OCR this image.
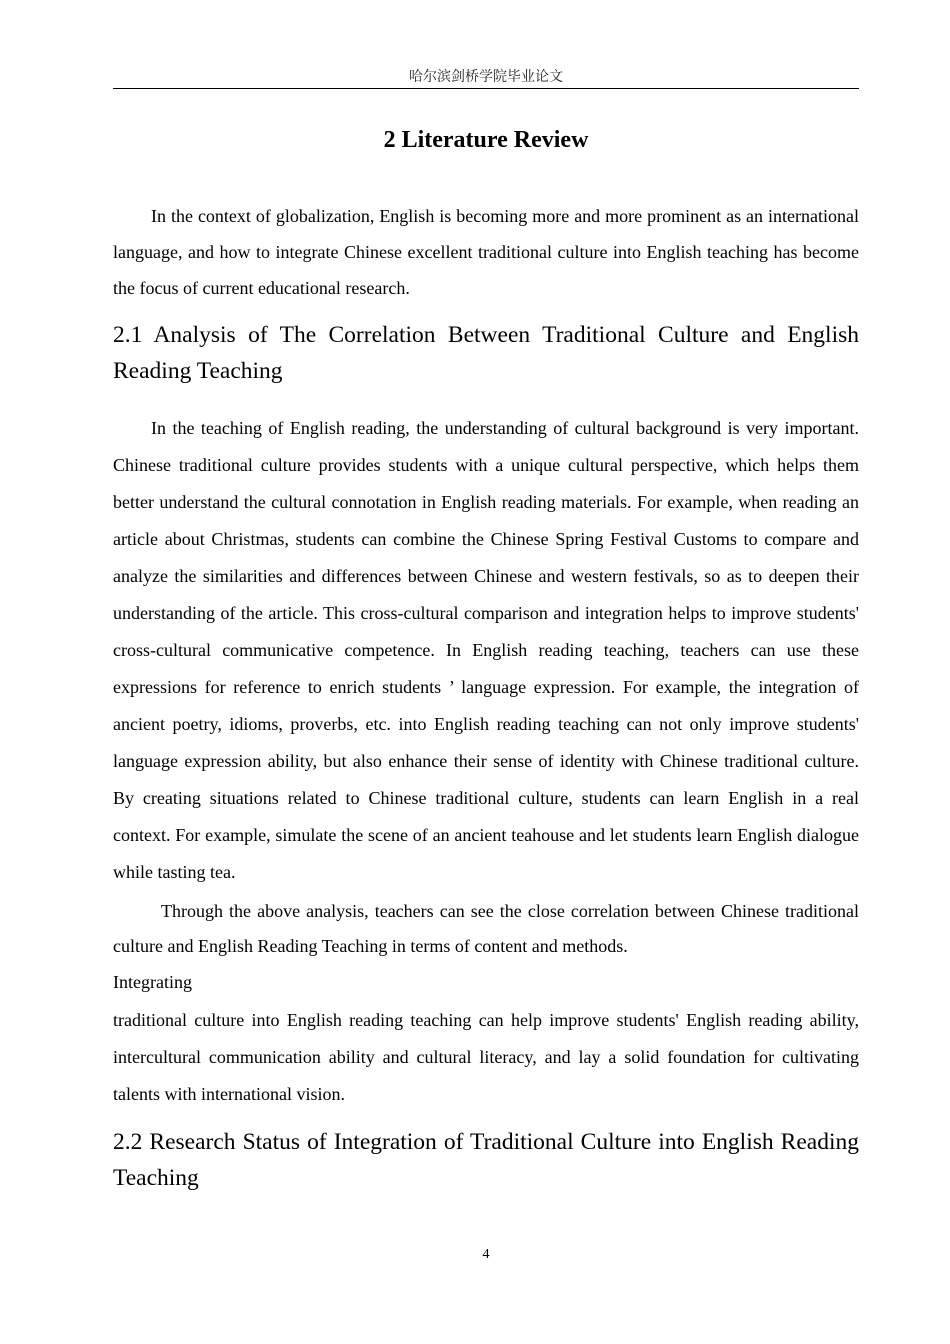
哈尔滨剑桥学院毕业论文
2 Literature Review

In the context of globalization, English is becoming more and more prominent as an international language, and how to integrate Chinese excellent traditional culture into English teaching has become the focus of current educational research.

2.1 Analysis of The Correlation Between Traditional Culture and English Reading Teaching

In the teaching of English reading, the understanding of cultural background is very important. Chinese traditional culture provides students with a unique cultural perspective, which helps them better understand the cultural connotation in English reading materials. For example, when reading an article about Christmas, students can combine the Chinese Spring Festival Customs to compare and analyze the similarities and differences between Chinese and western festivals, so as to deepen their understanding of the article. This cross-cultural comparison and integration helps to improve students' cross-cultural communicative competence. In English reading teaching, teachers can use these expressions for reference to enrich students ’ language expression. For example, the integration of ancient poetry, idioms, proverbs, etc. into English reading teaching can not only improve students' language expression ability, but also enhance their sense of identity with Chinese traditional culture. By creating situations related to Chinese traditional culture, students can learn English in a real context. For example, simulate the scene of an ancient teahouse and let students learn English dialogue while tasting tea.

Through the above analysis, teachers can see the close correlation between Chinese traditional culture and English Reading Teaching in terms of content and methods.

Integrating

traditional culture into English reading teaching can help improve students' English reading ability, intercultural communication ability and cultural literacy, and lay a solid foundation for cultivating talents with international vision.

2.2 Research Status of Integration of Traditional Culture into English Reading Teaching
4
